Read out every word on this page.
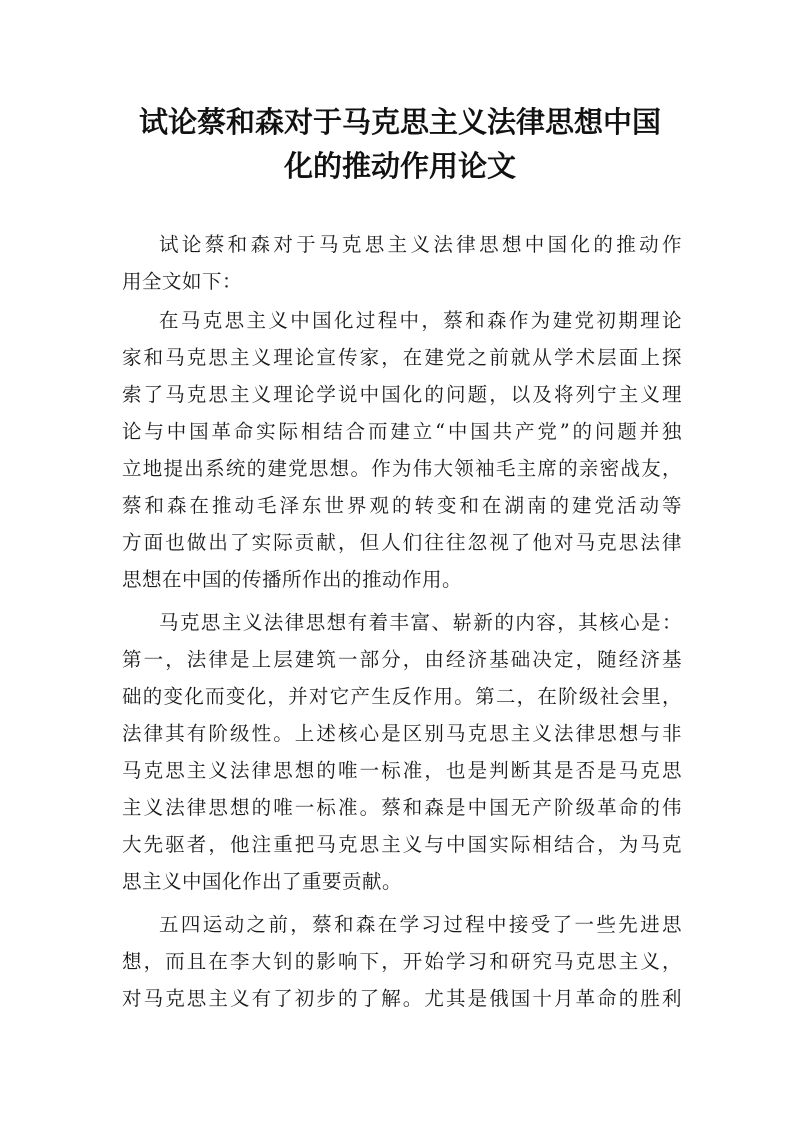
试论蔡和森对于马克思主义法律思想中国
化的推动作用论文
试论蔡和森对于马克思主义法律思想中国化的推动作
用全文如下：
在马克思主义中国化过程中，蔡和森作为建党初期理论
家和马克思主义理论宣传家，在建党之前就从学术层面上探
索了马克思主义理论学说中国化的问题，以及将列宁主义理
论与中国革命实际相结合而建立“中国共产党”的问题并独
立地提出系统的建党思想。作为伟大领袖毛主席的亲密战友，
蔡和森在推动毛泽东世界观的转变和在湖南的建党活动等
方面也做出了实际贡献，但人们往往忽视了他对马克思法律
思想在中国的传播所作出的推动作用。
马克思主义法律思想有着丰富、崭新的内容，其核心是：
第一，法律是上层建筑一部分，由经济基础决定，随经济基
础的变化而变化，并对它产生反作用。第二，在阶级社会里，
法律其有阶级性。上述核心是区别马克思主义法律思想与非
马克思主义法律思想的唯一标准，也是判断其是否是马克思
主义法律思想的唯一标准。蔡和森是中国无产阶级革命的伟
大先驱者，他注重把马克思主义与中国实际相结合，为马克
思主义中国化作出了重要贡献。
五四运动之前，蔡和森在学习过程中接受了一些先进思
想，而且在李大钊的影响下，开始学习和研究马克思主义，
对马克思主义有了初步的了解。尤其是俄国十月革命的胜利
